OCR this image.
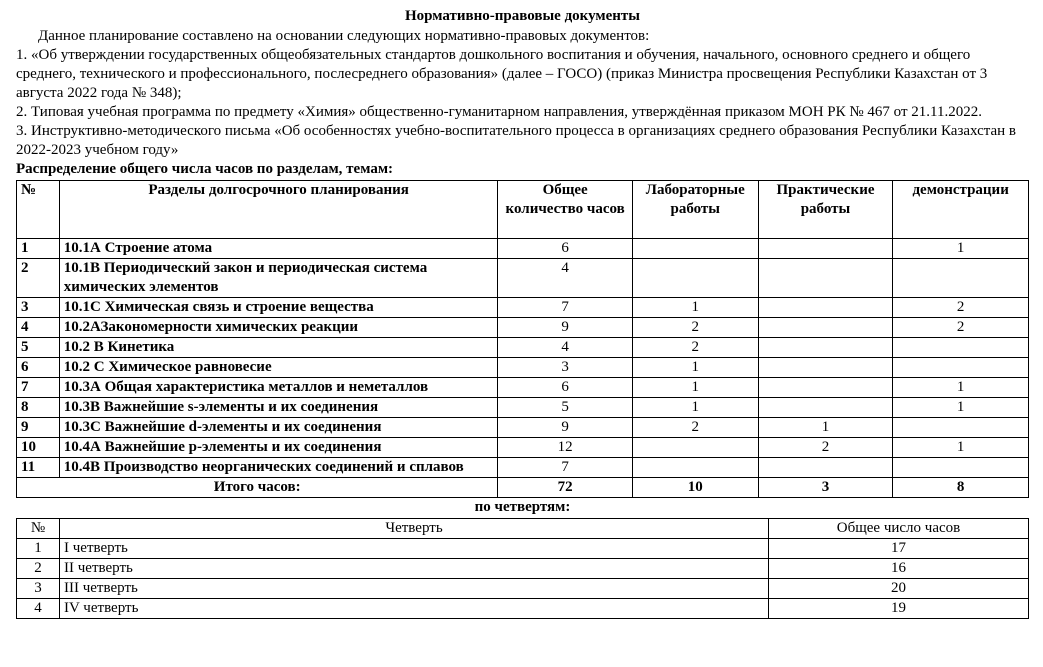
Нормативно-правовые документы

Данное планирование составлено на основании следующих нормативно-правовых документов:

1. «Об утверждении государственных общеобязательных стандартов дошкольного воспитания и обучения, начального, основного среднего и общего среднего, технического и профессионального, послесреднего образования» (далее – ГОСО) (приказ Министра просвещения Республики Казахстан от 3 августа 2022 года № 348);

2. Типовая учебная программа по предмету «Химия» общественно-гуманитарном направления, утверждённая приказом МОН РК № 467 от 21.11.2022.

3. Инструктивно-методического письма «Об особенностях учебно-воспитательного процесса в организациях среднего образования Республики Казахстан в 2022-2023 учебном году»

Распределение общего числа часов по разделам, темам:

№	Разделы долгосрочного планирования	Общее количество часов	Лабораторные работы	Практические работы	демонстрации
1	10.1А Строение атома	6			1
2	10.1В Периодический закон и периодическая система химических элементов	4			
3	10.1С Химическая связь и строение вещества	7	1		2
4	10.2АЗакономерности химических реакции	9	2		2
5	10.2 В Кинетика	4	2		
6	10.2 С Химическое равновесие	3	1		
7	10.3А Общая характеристика металлов и неметаллов	6	1		1
8	10.3В Важнейшие s-элементы и их соединения	5	1		1
9	10.3С Важнейшие d-элементы и их соединения	9	2	1	
10	10.4А Важнейшие р-элементы и их соединения	12		2	1
11	10.4В Производство неорганических соединений и сплавов	7			
Итого часов:		72	10	3	8

по четвертям:

№	Четверть	Общее число часов
1	I четверть	17
2	II четверть	16
3	III четверть	20
4	IV четверть	19
